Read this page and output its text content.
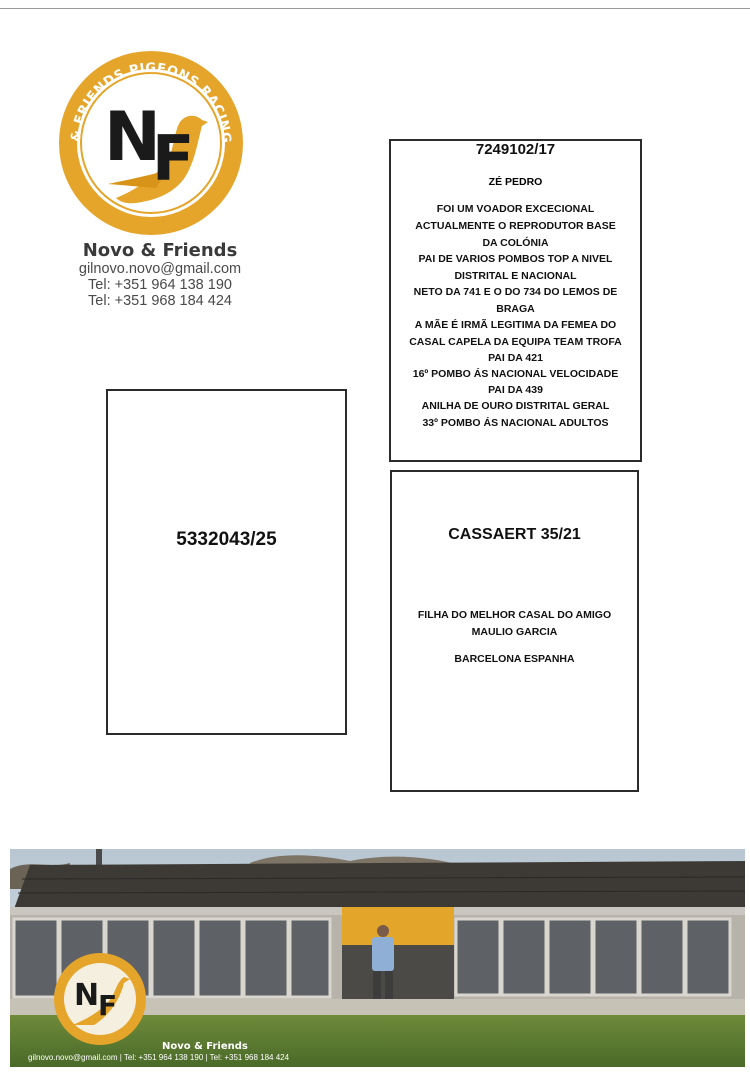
& FRIENDS PIGEONS RACING
N
F
Novo & Friends
gilnovo.novo@gmail.com
Tel: +351 964 138 190
Tel: +351 968 184 424
7249102/17
ZÉ PEDRO
FOI UM VOADOR EXCECIONAL
ACTUALMENTE O REPRODUTOR BASE
DA COLÓNIA
PAI DE VARIOS POMBOS TOP A NIVEL
DISTRITAL E NACIONAL
NETO DA 741 E O DO 734 DO LEMOS DE
BRAGA
A MÃE É IRMÃ LEGITIMA DA FEMEA DO
CASAL CAPELA DA EQUIPA TEAM TROFA
PAI DA 421
16º POMBO ÁS NACIONAL VELOCIDADE
PAI DA 439
ANILHA DE OURO DISTRITAL GERAL
33º POMBO ÁS NACIONAL ADULTOS
5332043/25	CASSAERT 35/21
FILHA DO MELHOR CASAL DO AMIGO
MAULIO GARCIA
BARCELONA ESPANHA
N
F
Novo & Friends
gilnovo.novo@gmail.com | Tel: +351 964 138 190 | Tel: +351 968 184 424
